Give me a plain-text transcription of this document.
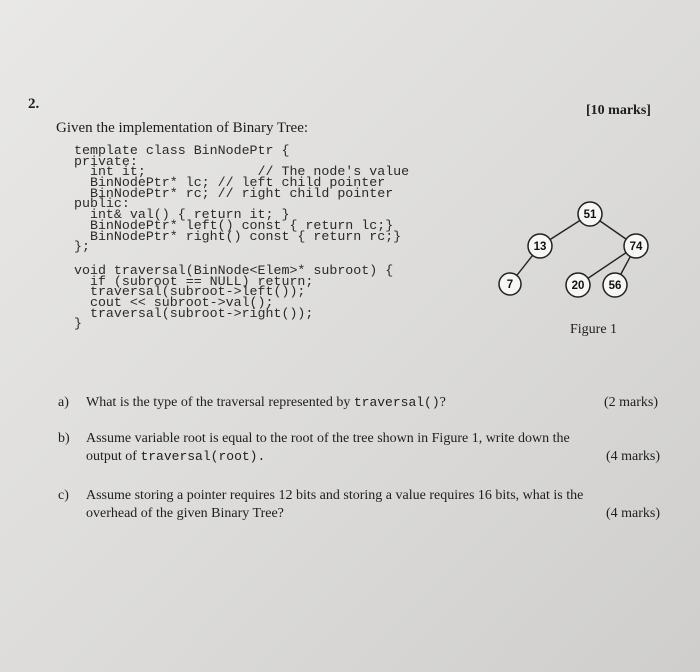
2.	[10 marks]
Given the implementation of Binary Tree:
template class BinNodePtr {
private:
int it;              // The node's value
BinNodePtr* lc; // left child pointer
BinNodePtr* rc; // right child pointer
public:
int& val() { return it; }
BinNodePtr* left() const { return lc;}
BinNodePtr* right() const { return rc;}
};
void traversal(BinNode<Elem>* subroot) {
if (subroot == NULL) return;
traversal(subroot->left());
cout << subroot->val();
traversal(subroot->right());
}
51
13	74
7	20 56
Figure 1
a) What is the type of the traversal represented by traversal()?	(2 marks)
b) Assume variable root is equal to the root of the tree shown in Figure 1, write down the
output of traversal(root).	(4 marks)
c) Assume storing a pointer requires 12 bits and storing a value requires 16 bits, what is the
overhead of the given Binary Tree?	(4 marks)
